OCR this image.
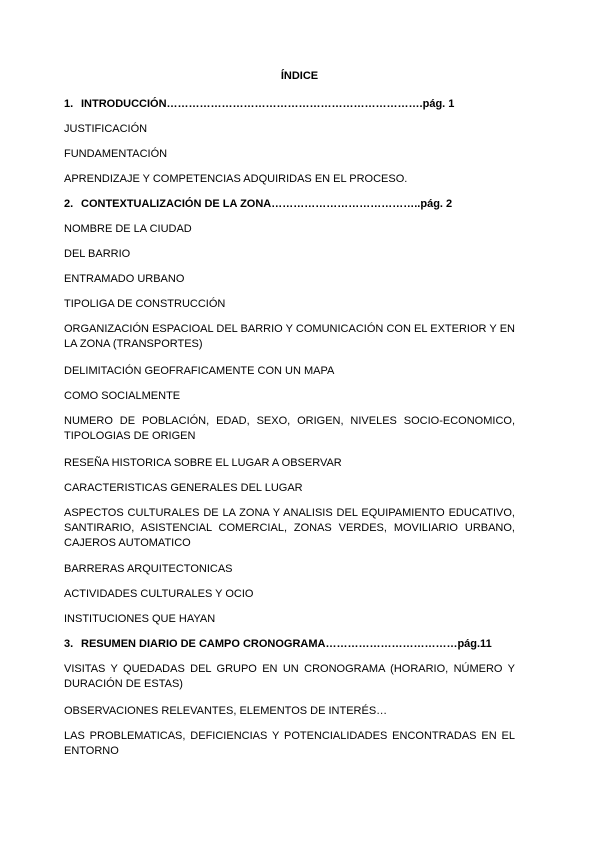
ÍNDICE
1. INTRODUCCIÓN…………………………………………………………….pág. 1
JUSTIFICACIÓN
FUNDAMENTACIÓN
APRENDIZAJE Y COMPETENCIAS ADQUIRIDAS EN EL PROCESO.
2. CONTEXTUALIZACIÓN DE LA ZONA…………………………………..pág. 2
NOMBRE DE LA CIUDAD
DEL BARRIO
ENTRAMADO URBANO
TIPOLIGA DE CONSTRUCCIÓN
ORGANIZACIÓN ESPACIOAL DEL BARRIO Y COMUNICACIÓN CON EL EXTERIOR Y EN LA ZONA (TRANSPORTES)
DELIMITACIÓN GEOFRAFICAMENTE CON UN MAPA
COMO SOCIALMENTE
NUMERO DE POBLACIÓN, EDAD, SEXO, ORIGEN, NIVELES SOCIO-ECONOMICO, TIPOLOGIAS DE ORIGEN
RESEÑA HISTORICA SOBRE EL LUGAR A OBSERVAR
CARACTERISTICAS GENERALES DEL LUGAR
ASPECTOS CULTURALES DE LA ZONA Y ANALISIS DEL EQUIPAMIENTO EDUCATIVO, SANTIRARIO, ASISTENCIAL COMERCIAL, ZONAS VERDES, MOVILIARIO URBANO, CAJEROS AUTOMATICO
BARRERAS ARQUITECTONICAS
ACTIVIDADES CULTURALES Y OCIO
INSTITUCIONES QUE HAYAN
3. RESUMEN DIARIO DE CAMPO CRONOGRAMA………………………………pág.11
VISITAS Y QUEDADAS DEL GRUPO EN UN CRONOGRAMA (HORARIO, NÚMERO Y DURACIÓN DE ESTAS)
OBSERVACIONES RELEVANTES, ELEMENTOS DE INTERÉS…
LAS PROBLEMATICAS, DEFICIENCIAS Y POTENCIALIDADES ENCONTRADAS EN EL ENTORNO
